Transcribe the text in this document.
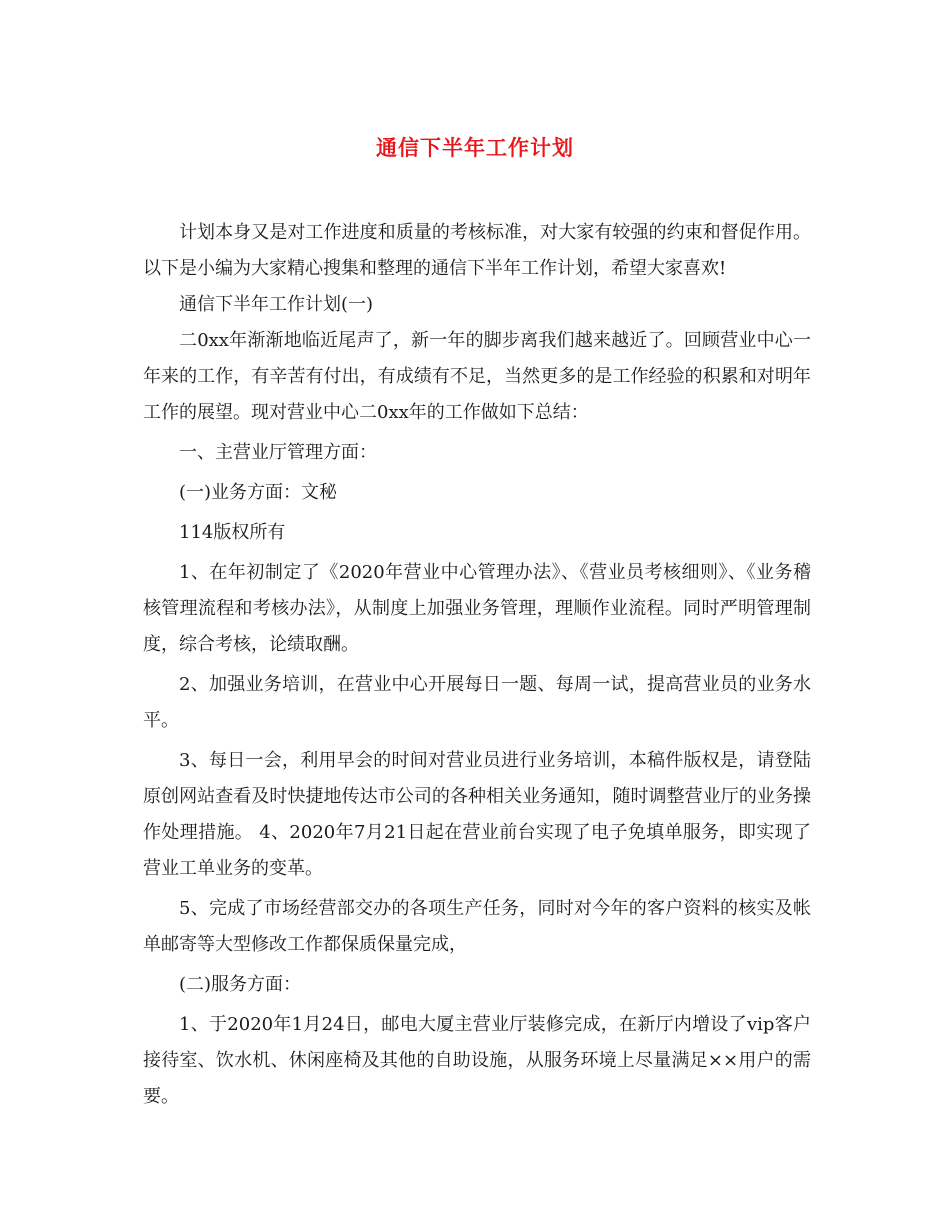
通信下半年工作计划

计划本身又是对工作进度和质量的考核标准，对大家有较强的约束和督促作用。以下是小编为大家精心搜集和整理的通信下半年工作计划，希望大家喜欢!

通信下半年工作计划(一)

二0xx年渐渐地临近尾声了，新一年的脚步离我们越来越近了。回顾营业中心一年来的工作，有辛苦有付出，有成绩有不足，当然更多的是工作经验的积累和对明年工作的展望。现对营业中心二0xx年的工作做如下总结：

一、主营业厅管理方面：

(一)业务方面：文秘

114版权所有

1、在年初制定了《2020年营业中心管理办法》、《营业员考核细则》、《业务稽核管理流程和考核办法》，从制度上加强业务管理，理顺作业流程。同时严明管理制度，综合考核，论绩取酬。

2、加强业务培训，在营业中心开展每日一题、每周一试，提高营业员的业务水平。

3、每日一会，利用早会的时间对营业员进行业务培训，本稿件版权是，请登陆原创网站查看及时快捷地传达市公司的各种相关业务通知，随时调整营业厅的业务操作处理措施。 4、2020年7月21日起在营业前台实现了电子免填单服务，即实现了营业工单业务的变革。

5、完成了市场经营部交办的各项生产任务，同时对今年的客户资料的核实及帐单邮寄等大型修改工作都保质保量完成，

(二)服务方面：

1、于2020年1月24日，邮电大厦主营业厅装修完成，在新厅内增设了vip客户接待室、饮水机、休闲座椅及其他的自助设施，从服务环境上尽量满足××用户的需要。
